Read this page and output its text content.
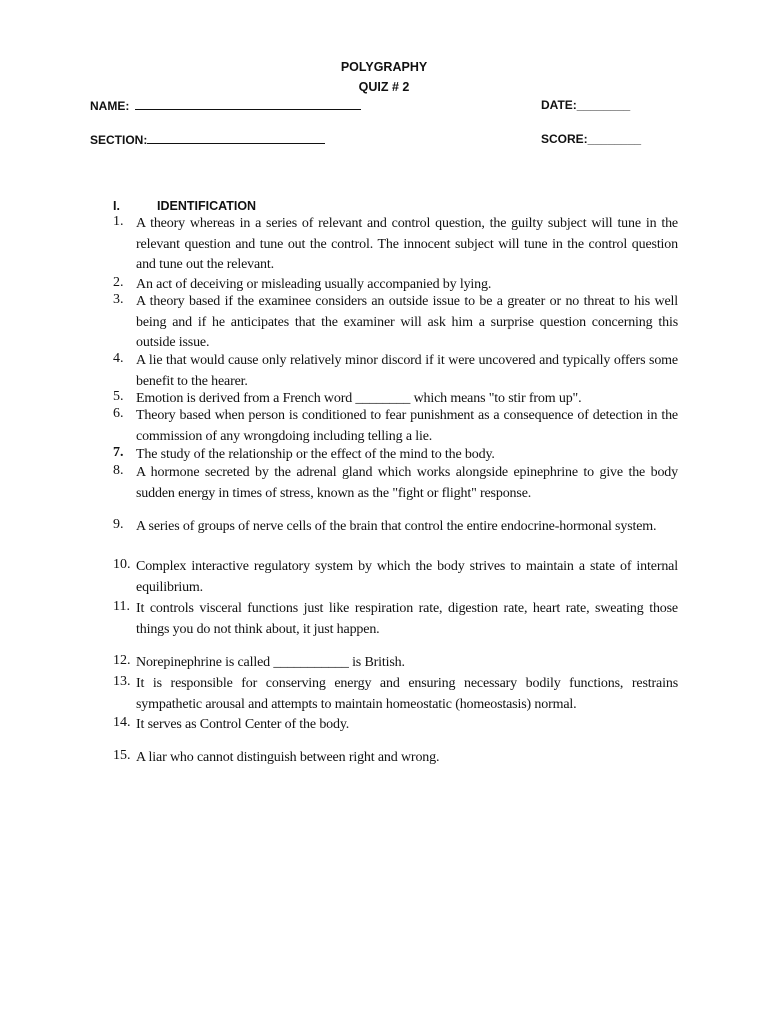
POLYGRAPHY
QUIZ # 2
NAME:	DATE:________
SECTION:	SCORE:________
I.	IDENTIFICATION
1. A theory whereas in a series of relevant and control question, the guilty subject will tune in the relevant question and tune out the control. The innocent subject will tune in the control question and tune out the relevant.
2. An act of deceiving or misleading usually accompanied by lying.
3. A theory based if the examinee considers an outside issue to be a greater or no threat to his well being and if he anticipates that the examiner will ask him a surprise question concerning this outside issue.
4. A lie that would cause only relatively minor discord if it were uncovered and typically offers some benefit to the hearer.
5. Emotion is derived from a French word ________ which means "to stir from up".
6. Theory based when person is conditioned to fear punishment as a consequence of detection in the commission of any wrongdoing including telling a lie.
7. The study of the relationship or the effect of the mind to the body.
8. A hormone secreted by the adrenal gland which works alongside epinephrine to give the body sudden energy in times of stress, known as the "fight or flight" response.
9. A series of groups of nerve cells of the brain that control the entire endocrine-hormonal system.
10. Complex interactive regulatory system by which the body strives to maintain a state of internal equilibrium.
11. It controls visceral functions just like respiration rate, digestion rate, heart rate, sweating those things you do not think about, it just happen.
12. Norepinephrine is called ___________ is British.
13. It is responsible for conserving energy and ensuring necessary bodily functions, restrains sympathetic arousal and attempts to maintain homeostatic (homeostasis) normal.
14. It serves as Control Center of the body.
15. A liar who cannot distinguish between right and wrong.
